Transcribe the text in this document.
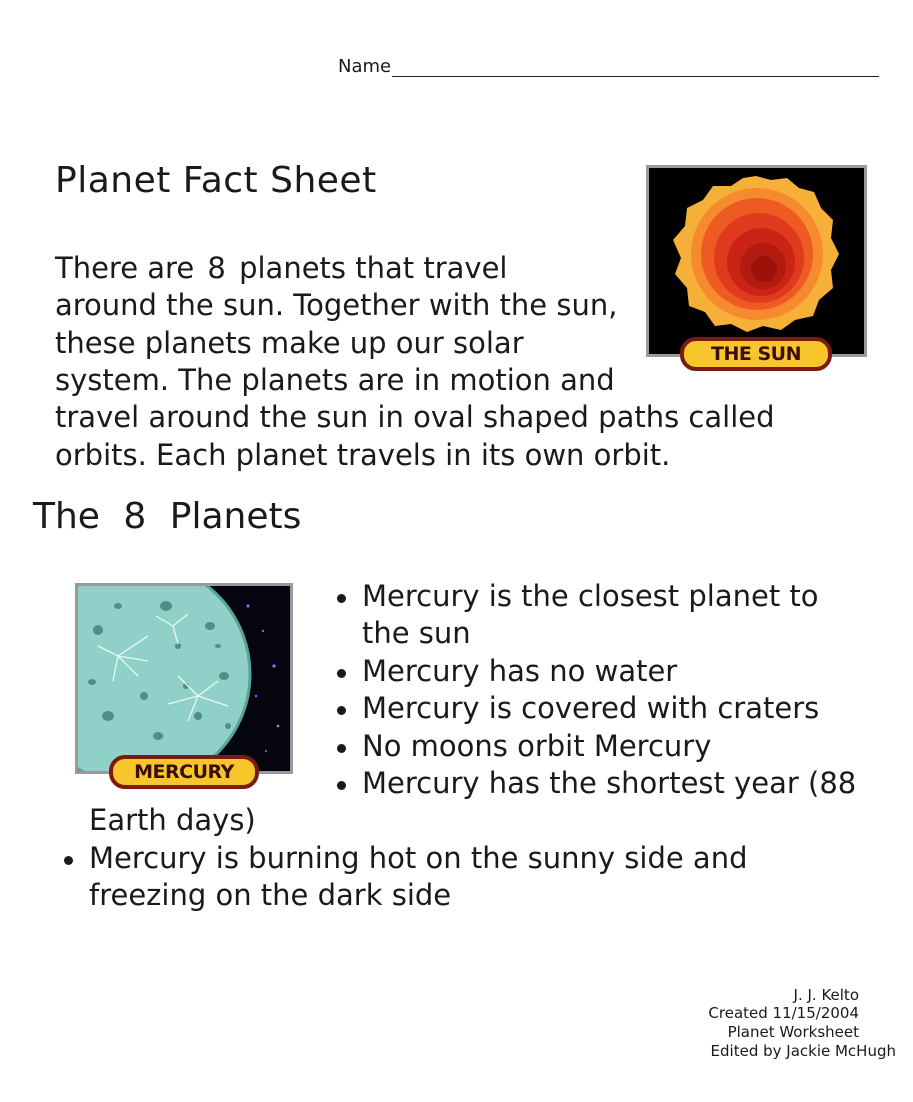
Name
Planet Fact Sheet
There are 8 planets that travel
around the sun. Together with the sun,
these planets make up our solar
system. The planets are in motion and
travel around the sun in oval shaped paths called
orbits. Each planet travels in its own orbit.
THE SUN
The 8 Planets
MERCURY
Mercury is the closest planet to
the sun
Mercury has no water
Mercury is covered with craters
No moons orbit Mercury
Mercury has the shortest year (88
Earth days)
Mercury is burning hot on the sunny side and
freezing on the dark side
J. J. Kelto
Created 11/15/2004
Planet Worksheet
Edited by Jackie McHugh
